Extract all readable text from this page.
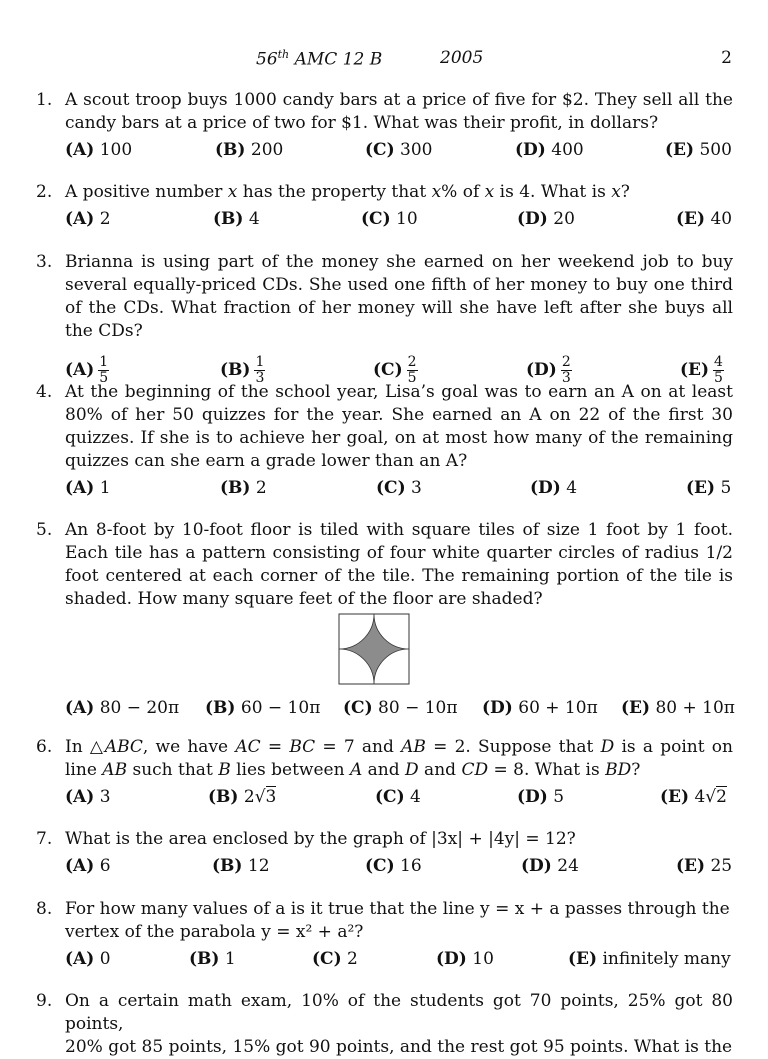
56th AMC 12 B	2005	2
1. A scout troop buys 1000 candy bars at a price of five for $2. They sell all the candy bars at a price of two for $1. What was their profit, in dollars?
(A) 100	(B) 200	(C) 300	(D) 400	(E) 500
2. A positive number x has the property that x% of x is 4. What is x?
(A) 2	(B) 4	(C) 10	(D) 20	(E) 40
3. Brianna is using part of the money she earned on her weekend job to buy several equally-priced CDs. She used one fifth of her money to buy one third of the CDs. What fraction of her money will she have left after she buys all the CDs?
$(A) \frac{1}{5}$	$(B) \frac{1}{3}$	$(C) \frac{2}{5}$	$(D) \frac{2}{3}$	$(E) \frac{4}{5}$
4. At the beginning of the school year, Lisa’s goal was to earn an A on at least 80% of her 50 quizzes for the year. She earned an A on 22 of the first 30 quizzes. If she is to achieve her goal, on at most how many of the remaining quizzes can she earn a grade lower than an A?
(A) 1	(B) 2	(C) 3	(D) 4	(E) 5
5. An 8-foot by 10-foot floor is tiled with square tiles of size 1 foot by 1 foot. Each tile has a pattern consisting of four white quarter circles of radius 1/2 foot centered at each corner of the tile. The remaining portion of the tile is shaded. How many square feet of the floor are shaded?
(A) 80 − 20π (B) 60 − 10π (C) 80 − 10π (D) 60 + 10π (E) 80 + 10π
6. In △ABC, we have AC = BC = 7 and AB = 2. Suppose that D is a point on line AB such that B lies between A and D and CD = 8. What is BD?
(A) 3	(B) 2√3	(C) 4	(D) 5	(E) 4√2
7. What is the area enclosed by the graph of |3x| + |4y| = 12?
(A) 6	(B) 12	(C) 16	(D) 24	(E) 25
8. For how many values of a is it true that the line y = x + a passes through the
vertex of the parabola y = x² + a²?
(A) 0	(B) 1	(C) 2	(D) 10	(E) infinitely many
9. On a certain math exam, 10% of the students got 70 points, 25% got 80 points,
20% got 85 points, 15% got 90 points, and the rest got 95 points. What is the
